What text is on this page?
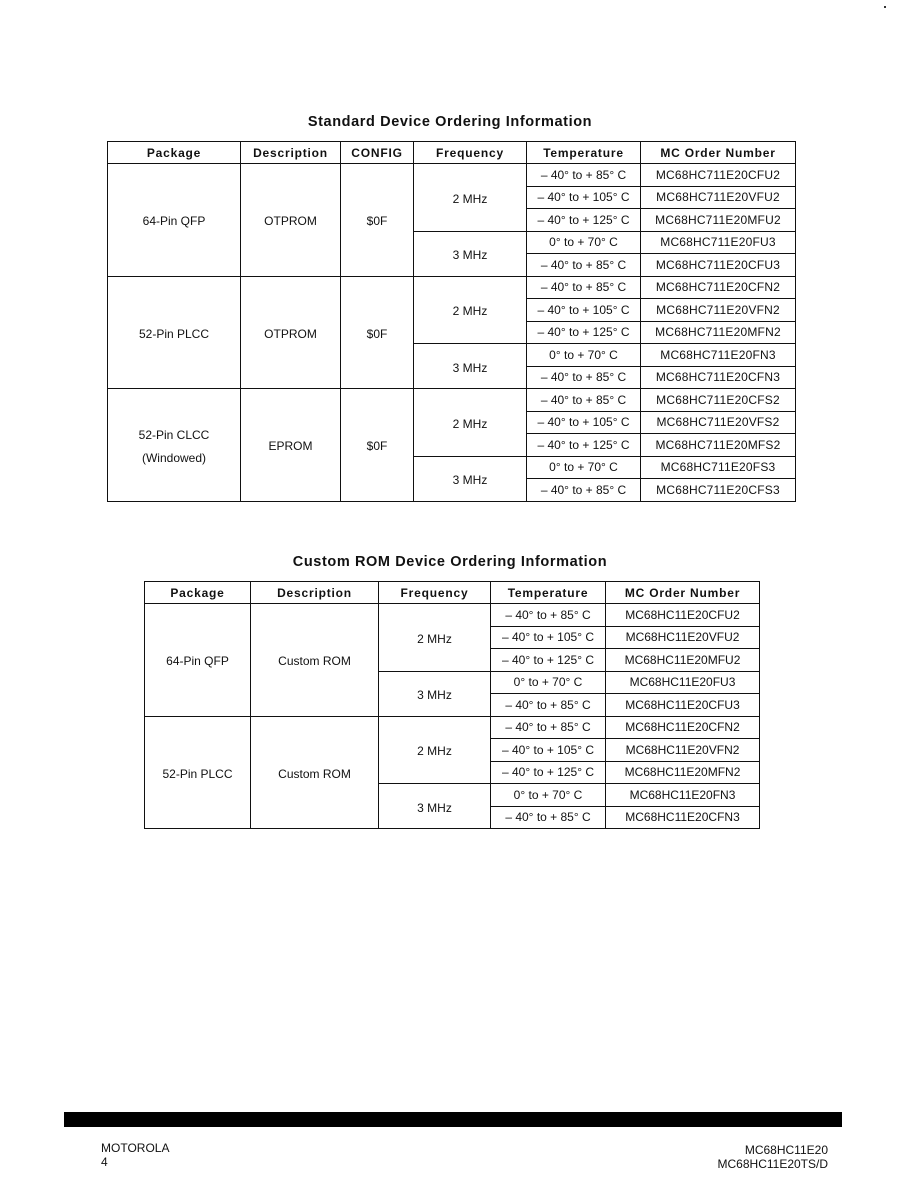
Standard Device Ordering Information
Package	Description	CONFIG	Frequency	Temperature	MC Order Number

64-Pin QFP	OTPROM	$0F	2 MHz	– 40° to + 85° C	MC68HC711E20CFU2
				– 40° to + 105° C	MC68HC711E20VFU2
				– 40° to + 125° C	MC68HC711E20MFU2
			3 MHz	0° to + 70° C	MC68HC711E20FU3
				– 40° to + 85° C	MC68HC711E20CFU3

52-Pin PLCC	OTPROM	$0F	2 MHz	– 40° to + 85° C	MC68HC711E20CFN2
				– 40° to + 105° C	MC68HC711E20VFN2
				– 40° to + 125° C	MC68HC711E20MFN2
			3 MHz	0° to + 70° C	MC68HC711E20FN3
				– 40° to + 85° C	MC68HC711E20CFN3

52-Pin CLCC
(Windowed)	EPROM	$0F	2 MHz	– 40° to + 85° C	MC68HC711E20CFS2
				– 40° to + 105° C	MC68HC711E20VFS2
				– 40° to + 125° C	MC68HC711E20MFS2
			3 MHz	0° to + 70° C	MC68HC711E20FS3
				– 40° to + 85° C	MC68HC711E20CFS3
Custom ROM Device Ordering Information
Package	Description	Frequency	Temperature	MC Order Number

64-Pin QFP	Custom ROM	2 MHz	– 40° to + 85° C	MC68HC11E20CFU2
			– 40° to + 105° C	MC68HC11E20VFU2
			– 40° to + 125° C	MC68HC11E20MFU2
		3 MHz	0° to + 70° C	MC68HC11E20FU3
			– 40° to + 85° C	MC68HC11E20CFU3

52-Pin PLCC	Custom ROM	2 MHz	– 40° to + 85° C	MC68HC11E20CFN2
			– 40° to + 105° C	MC68HC11E20VFN2
			– 40° to + 125° C	MC68HC11E20MFN2
		3 MHz	0° to + 70° C	MC68HC11E20FN3
			– 40° to + 85° C	MC68HC11E20CFN3
MOTOROLA
4
MC68HC11E20
MC68HC11E20TS/D
